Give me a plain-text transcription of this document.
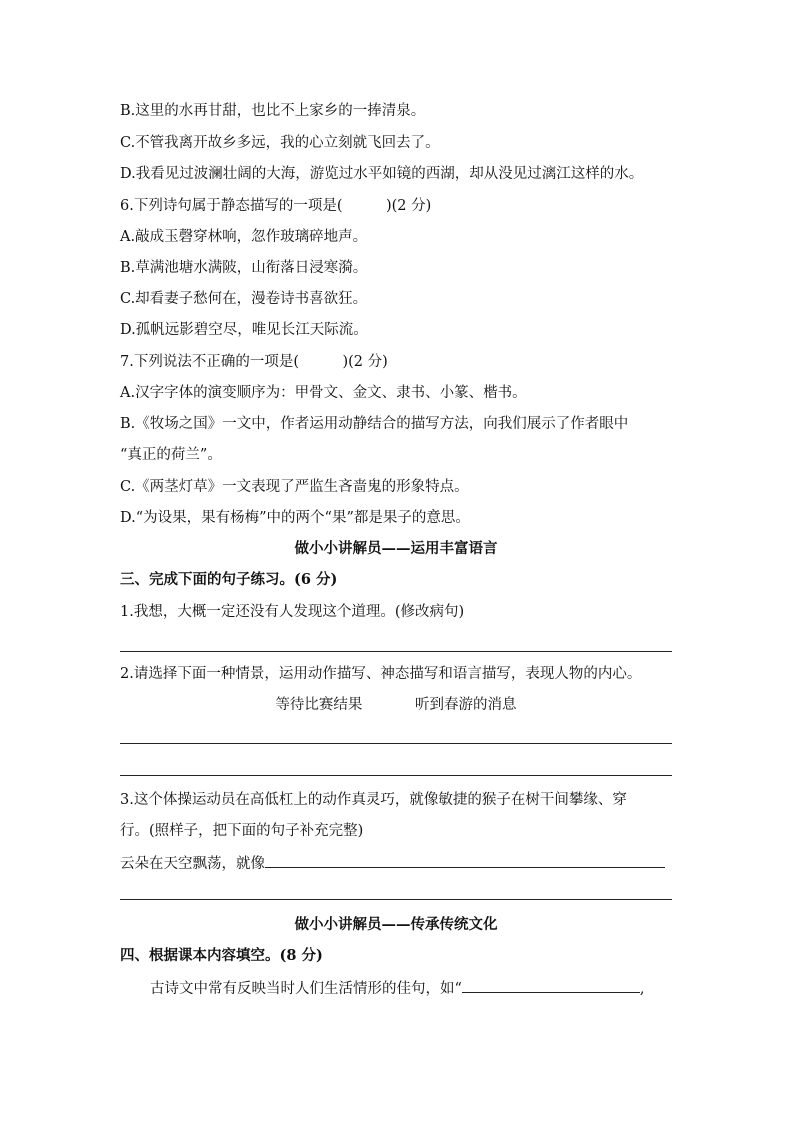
B.这里的水再甘甜，也比不上家乡的一捧清泉。
C.不管我离开故乡多远，我的心立刻就飞回去了。
D.我看见过波澜壮阔的大海，游览过水平如镜的西湖，却从没见过漓江这样的水。
6.下列诗句属于静态描写的一项是(　　　)(2 分)
A.敲成玉磬穿林响，忽作玻璃碎地声。
B.草满池塘水满陂，山衔落日浸寒漪。
C.却看妻子愁何在，漫卷诗书喜欲狂。
D.孤帆远影碧空尽，唯见长江天际流。
7.下列说法不正确的一项是(　　　)(2 分)
A.汉字字体的演变顺序为：甲骨文、金文、隶书、小篆、楷书。
B.《牧场之国》一文中，作者运用动静结合的描写方法，向我们展示了作者眼中
“真正的荷兰”。
C.《两茎灯草》一文表现了严监生吝啬鬼的形象特点。
D.“为设果，果有杨梅”中的两个“果”都是果子的意思。
做小小讲解员——运用丰富语言
三、完成下面的句子练习。(6 分)
1.我想，大概一定还没有人发现这个道理。(修改病句)
2.请选择下面一种情景，运用动作描写、神态描写和语言描写，表现人物的内心。
等待比赛结果	听到春游的消息
3.这个体操运动员在高低杠上的动作真灵巧，就像敏捷的猴子在树干间攀缘、穿
行。(照样子，把下面的句子补充完整)
云朵在天空飘荡，就像
做小小讲解员——传承传统文化
四、根据课本内容填空。(8 分)
古诗文中常有反映当时人们生活情形的佳句，如“	,
